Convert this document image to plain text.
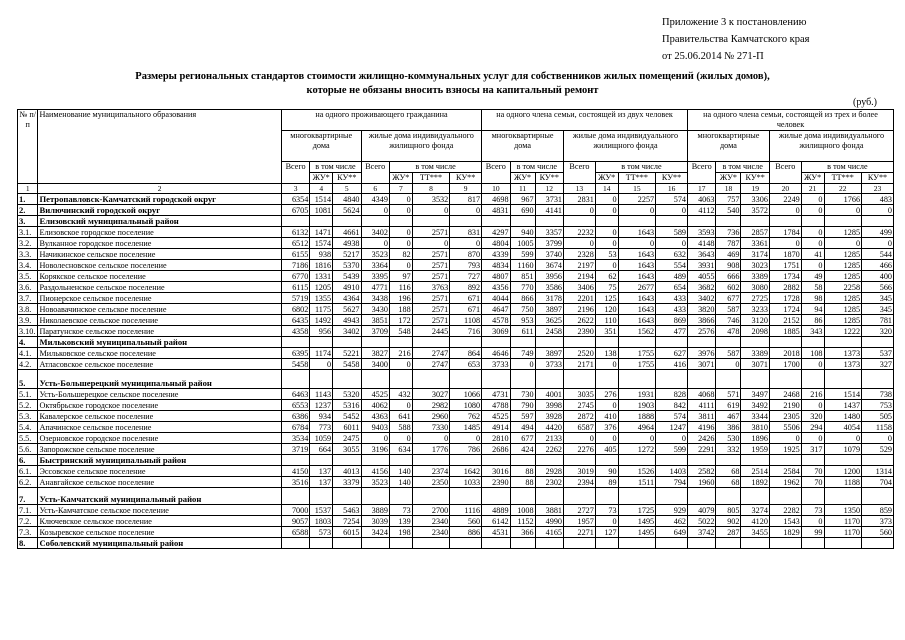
Приложение 3 к постановлению
Правительства Камчатского края
от 25.06.2014 № 271-П
Размеры региональных стандартов стоимости жилищно-коммунальных услуг для собственников жилых помещений (жилых домов),
которые не обязаны вносить взносы на капитальный ремонт
(руб.)
№ п/п	Наименование муниципального образования	на одного проживающего гражданина							на одного члена семьи, состоящей из двух человек							на одного члена семьи, состоящей из трех и более человек						
		многоквартирные дома			жилые дома индивидуального жилищного фонда				многоквартирные дома			жилые дома индивидуального жилищного фонда				многоквартирные дома			жилые дома индивидуального жилищного фонда			
		Всего	в том числе		Всего	в том числе			Всего	в том числе		Всего	в том числе			Всего	в том числе		Всего	в том числе		
			ЖУ*	КУ**		ЖУ*	ТТ***	КУ**		ЖУ*	КУ**		ЖУ*	ТТ***	КУ**		ЖУ*	КУ**		ЖУ*	ТТ***	КУ**
1	2	3	4	5	6	7	8	9	10	11	12	13	14	15	16	17	18	19	20	21	22	23
1.	Петропавловск-Камчатский городской округ	6354	1514	4840	4349	0	3532	817	4698	967	3731	2831	0	2257	574	4063	757	3306	2249	0	1766	483
2.	Вилючинский городской округ	6705	1081	5624	0	0	0	0	4831	690	4141	0	0	0	0	4112	540	3572	0	0	0	0
3.	Елизовский муниципальный район																					
3.1.	Елизовское городское поселение	6132	1471	4661	3402	0	2571	831	4297	940	3357	2232	0	1643	589	3593	736	2857	1784	0	1285	499
3.2.	Вулканное городское поселение	6512	1574	4938	0	0	0	0	4804	1005	3799	0	0	0	0	4148	787	3361	0	0	0	0
3.3.	Начикинское сельское поселение	6155	938	5217	3523	82	2571	870	4339	599	3740	2328	53	1643	632	3643	469	3174	1870	41	1285	544
3.4.	Новолесновское сельское поселение	7186	1816	5370	3364	0	2571	793	4834	1160	3674	2197	0	1643	554	3931	908	3023	1751	0	1285	466
3.5.	Корякское сельское поселение	6770	1331	5439	3395	97	2571	727	4807	851	3956	2194	62	1643	489	4055	666	3389	1734	49	1285	400
3.6.	Раздольненское сельское поселение	6115	1205	4910	4771	116	3763	892	4356	770	3586	3406	75	2677	654	3682	602	3080	2882	58	2258	566
3.7.	Пионерское сельское поселение	5719	1355	4364	3438	196	2571	671	4044	866	3178	2201	125	1643	433	3402	677	2725	1728	98	1285	345
3.8.	Новоавачинское сельское поселение	6802	1175	5627	3430	188	2571	671	4647	750	3897	2196	120	1643	433	3820	587	3233	1724	94	1285	345
3.9.	Николаевское сельское поселение	6435	1492	4943	3851	172	2571	1108	4578	953	3625	2622	110	1643	869	3866	746	3120	2152	86	1285	781
3.10.	Паратунское сельское поселение	4358	956	3402	3709	548	2445	716	3069	611	2458	2390	351	1562	477	2576	478	2098	1885	343	1222	320
4.	Мильковский муниципальный район																					
4.1.	Мильковское сельское поселение	6395	1174	5221	3827	216	2747	864	4646	749	3897	2520	138	1755	627	3976	587	3389	2018	108	1373	537
4.2.	Атласовское сельское поселение	5458	0	5458	3400	0	2747	653	3733	0	3733	2171	0	1755	416	3071	0	3071	1700	0	1373	327
5.	Усть-Большерецкий муниципальный район																					
5.1.	Усть-Большерецкое сельское поселение	6463	1143	5320	4525	432	3027	1066	4731	730	4001	3035	276	1931	828	4068	571	3497	2468	216	1514	738
5.2.	Октябрьское городское поселение	6553	1237	5316	4062	0	2982	1080	4788	790	3998	2745	0	1903	842	4111	619	3492	2190	0	1437	753
5.3.	Кавалерское сельское поселение	6386	934	5452	4363	641	2960	762	4525	597	3928	2872	410	1888	574	3811	467	3344	2305	320	1480	505
5.4.	Апачинское сельское поселение	6784	773	6011	9403	588	7330	1485	4914	494	4420	6587	376	4964	1247	4196	386	3810	5506	294	4054	1158
5.5.	Озерновское городское поселение	3534	1059	2475	0	0	0	0	2810	677	2133	0	0	0	0	2426	530	1896	0	0	0	0
5.6.	Запорожское сельское поселение	3719	664	3055	3196	634	1776	786	2686	424	2262	2276	405	1272	599	2291	332	1959	1925	317	1079	529
6.	Быстринский муниципальный район																					
6.1.	Эссовское сельское поселение	4150	137	4013	4156	140	2374	1642	3016	88	2928	3019	90	1526	1403	2582	68	2514	2584	70	1200	1314
6.2.	Анавгайское сельское поселение	3516	137	3379	3523	140	2350	1033	2390	88	2302	2394	89	1511	794	1960	68	1892	1962	70	1188	704
7.	Усть-Камчатский муниципальный район																					
7.1.	Усть-Камчатское сельское поселение	7000	1537	5463	3889	73	2700	1116	4889	1008	3881	2727	73	1725	929	4079	805	3274	2282	73	1350	859
7.2.	Ключевское сельское поселение	9057	1803	7254	3039	139	2340	560	6142	1152	4990	1957	0	1495	462	5022	902	4120	1543	0	1170	373
7.3.	Козыревское сельское поселение	6588	573	6015	3424	198	2340	886	4531	366	4165	2271	127	1495	649	3742	287	3455	1829	99	1170	560
8.	Соболевский муниципальный район																					
